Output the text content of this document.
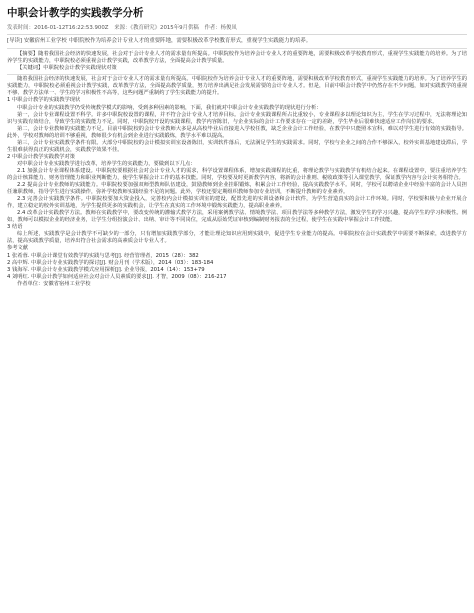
中职会计教学的实践教学分析
发表时间：2016-01-12T16:22:53.900Z 来源：《教育研究》2015年9月供稿 作者：杨俊凤
[导读] 安徽宿州工业学校 中职院校作为培养会计专业人才的重要阵地，需要积极改革学校教育形式，重视学生实践能力的培养。

【摘要】随着我国社会经济的快速发展，社会对于会计专业人才的需求量有所提高。中职院校作为培养会计专业人才的重要阵地，需要积极改革学校教育形式，重视学生实践能力的培养。为了培养学生的实践能力，中职院校必须重视会计教学实践，改革教学方法，全面提高会计教学质量。

【关键词】中职院校会计教学实践现状对策

随着我国社会经济的快速发展，社会对于会计专业人才的需求量有所提高。中职院校作为培养会计专业人才的重要阵地，需要积极改革学校教育形式，重视学生实践能力的培养。为了培养学生的实践能力，中职院校必须重视会计教学实践，改革教学方法，全面提高教学质量，努力培养出满足社会发展需要的会计专业人才。但是，目前中职会计教学中仍然存在不少问题，如对实践教学的重视不够、教学方法单一、学生的学习积极性不高等，这些问题严重制约了学生实践能力的提升。

1 中职会计教学的实践教学现状

中职会计专业的实践教学仍受传统教学模式的影响，受到多种因素的影响，下面，我们就对中职会计专业实践教学的现状进行分析：

第一，会计专业课程设置不科学。许多中职院校设置的课程，并不符合会计专业人才培养目标。会计专业实践课程所占比重较小，专业课程多以理论知识为主，学生在学习过程中，无法将理论知识与实践有效结合，导致学生的实践能力不足。同时，中职院校开设的实践课程，教学内容陈旧，与企业实际的会计工作要求存在一定的差距，学生毕业后很难快速适应工作岗位的要求。

第二，会计专业教师的实践能力不足。目前中职院校的会计专业教师大多是从高校毕业后直接进入学校任教，缺乏企业会计工作经验，在教学中只能照本宣科，难以对学生进行有效的实践指导。此外，学校对教师的培训不够重视，教师很少有机会到企业进行实践锻炼，教学水平难以提高。

第三，会计专业实践教学条件有限。大部分中职院校的会计模拟实训室设备陈旧，实训软件落后，无法满足学生的实践需求。同时，学校与企业之间的合作不够深入，校外实训基地建设滞后，学生很难获得真正的实践机会，实践教学效果不佳。

2 中职会计教学实践教学对策

对中职会计专业实践教学进行改革，培养学生的实践能力，要做到以下几点：

2.1 加强会计专业课程体系建设。中职院校要根据社会对会计专业人才的需求，科学设置课程体系，增加实践课程的比重，将理论教学与实践教学有机结合起来。在课程设置中，要注重培养学生的会计核算能力、财务管理能力和职业判断能力，使学生掌握会计工作的基本技能。同时，学校要及时更新教学内容，将新的会计准则、税收政策等引入课堂教学，保证教学内容与会计实务相符合。

2.2 提高会计专业教师的实践能力。中职院校要加强双师型教师队伍建设，鼓励教师到企业挂职锻炼，积累会计工作经验，提高实践教学水平。同时，学校可以聘请企业中经验丰富的会计人员担任兼职教师，指导学生进行实践操作，弥补学校教师实践经验不足的问题。此外，学校还要定期组织教师参加专业培训，不断提升教师的专业素养。

2.3 完善会计实践教学条件。中职院校要加大资金投入，完善校内会计模拟实训室的建设，配置先进的实训设备和会计软件，为学生营造真实的会计工作环境。同时，学校要积极与企业开展合作，建立稳定的校外实训基地，为学生提供更多的实践机会，让学生在真实的工作环境中锻炼实践能力，提高职业素养。

2.4 改革会计实践教学方法。教师在实践教学中，要改变传统的灌输式教学方法，采用案例教学法、情境教学法、项目教学法等多种教学方法，激发学生的学习兴趣，提高学生的学习积极性。例如，教师可以模拟企业的经济业务，让学生分组扮演会计、出纳、审计等不同岗位，完成从原始凭证审核到编制财务报表的全过程，使学生在实践中掌握会计工作技能。

3 结语

综上所述，实践教学是会计教学不可缺少的一部分，只有增加实践教学部分，才能让理论知识应用到实践中，促进学生专业能力的提高。中职院校在会计实践教学中需要不断探索，改进教学方法，提高实践教学质量，培养出符合社会需求的高素质会计专业人才。

参考文献

1 张希蓉. 中职会计课堂有效教学的实践与思考[J]. 经营管理者，2015（28）：382

2 高中辉. 中职会计专业实践教学的探讨[J]. 财会月刊（学术版），2014（03）：183-184

3 钱海军. 中职会计专业实践教学模式应用探析[J]. 企业导报，2014（14）：153+79

4 刘明红. 中职会计教学如何适应社会对会计人员素质的要求[J]. 才智，2009（08）：216-217

作者单位：安徽省宿州工业学校
